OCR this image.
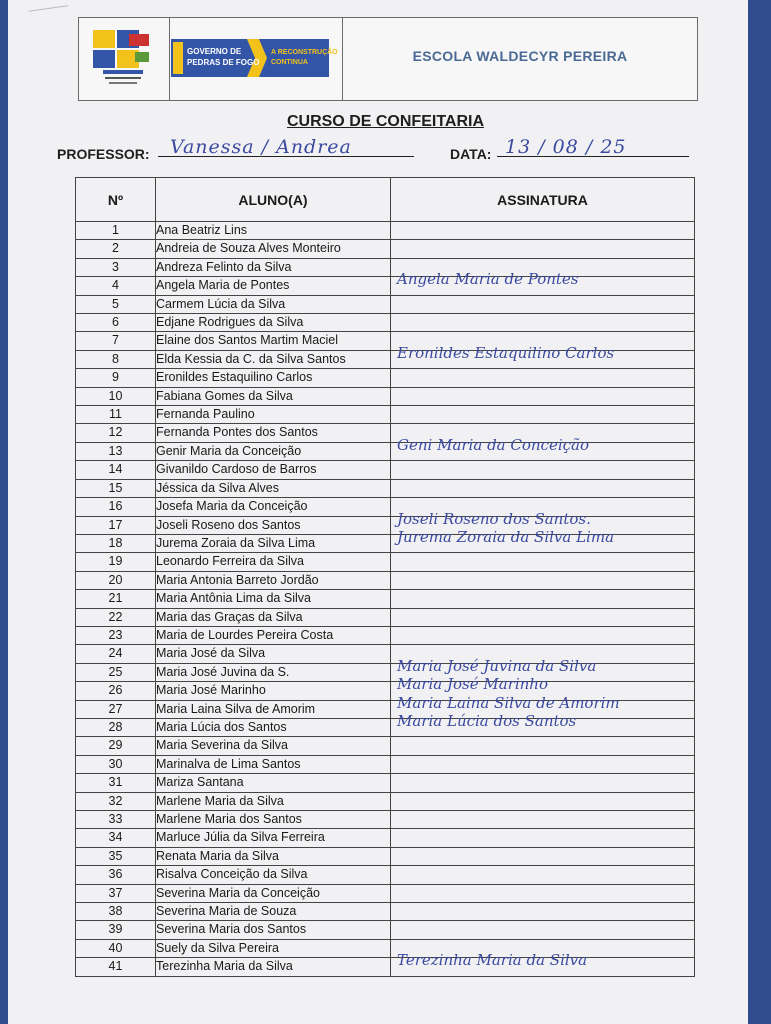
GOVERNO DE
PEDRAS DE FOGO
A RECONSTRUÇÃO
CONTINUA	ESCOLA WALDECYR PEREIRA
CURSO DE CONFEITARIA
PROFESSOR: Vanessa / Andrea	DATA: 13 / 08 / 25
Nº	ALUNO(A)	ASSINATURA
1	Ana Beatriz Lins	
2	Andreia de Souza Alves Monteiro	
3	Andreza Felinto da Silva	
4	Angela Maria de Pontes	Angela Maria de Pontes

5	Carmem Lúcia da Silva	
6	Edjane Rodrigues da Silva	
7	Elaine dos Santos Martim Maciel	
8	Elda Kessia da C. da Silva Santos	Eronildes Estaquilino Carlos

9	Eronildes Estaquilino Carlos	
10	Fabiana Gomes da Silva	
11	Fernanda Paulino	
12	Fernanda Pontes dos Santos	
13	Genir Maria da Conceição	Geni Maria da Conceição

14	Givanildo Cardoso de Barros	
15	Jéssica da Silva Alves	
16	Josefa Maria da Conceição	
17	Joseli Roseno dos Santos	Joseli Roseno dos Santos.

18	Jurema Zoraia da Silva Lima	Jurema Zoraia da Silva Lima

19	Leonardo Ferreira da Silva	
20	Maria Antonia Barreto Jordão	
21	Maria Antônia Lima da Silva	
22	Maria das Graças da Silva	
23	Maria de Lourdes Pereira Costa	
24	Maria José da Silva	
25	Maria José Juvina da S.	Maria José Juvina da Silva

26	Maria José Marinho	Maria José Marinho

27	Maria Laina Silva de Amorim	Maria Laina Silva de Amorim

28	Maria Lúcia dos Santos	Maria Lúcia dos Santos

29	Maria Severina da Silva	
30	Marinalva de Lima Santos	
31	Mariza Santana	
32	Marlene Maria da Silva	
33	Marlene Maria dos Santos	
34	Marluce Júlia da Silva Ferreira	
35	Renata Maria da Silva	
36	Risalva Conceição da Silva	
37	Severina Maria da Conceição	
38	Severina Maria de Souza	
39	Severina Maria dos Santos	
40	Suely da Silva Pereira	
41	Terezinha Maria da Silva	Terezinha Maria da Silva
